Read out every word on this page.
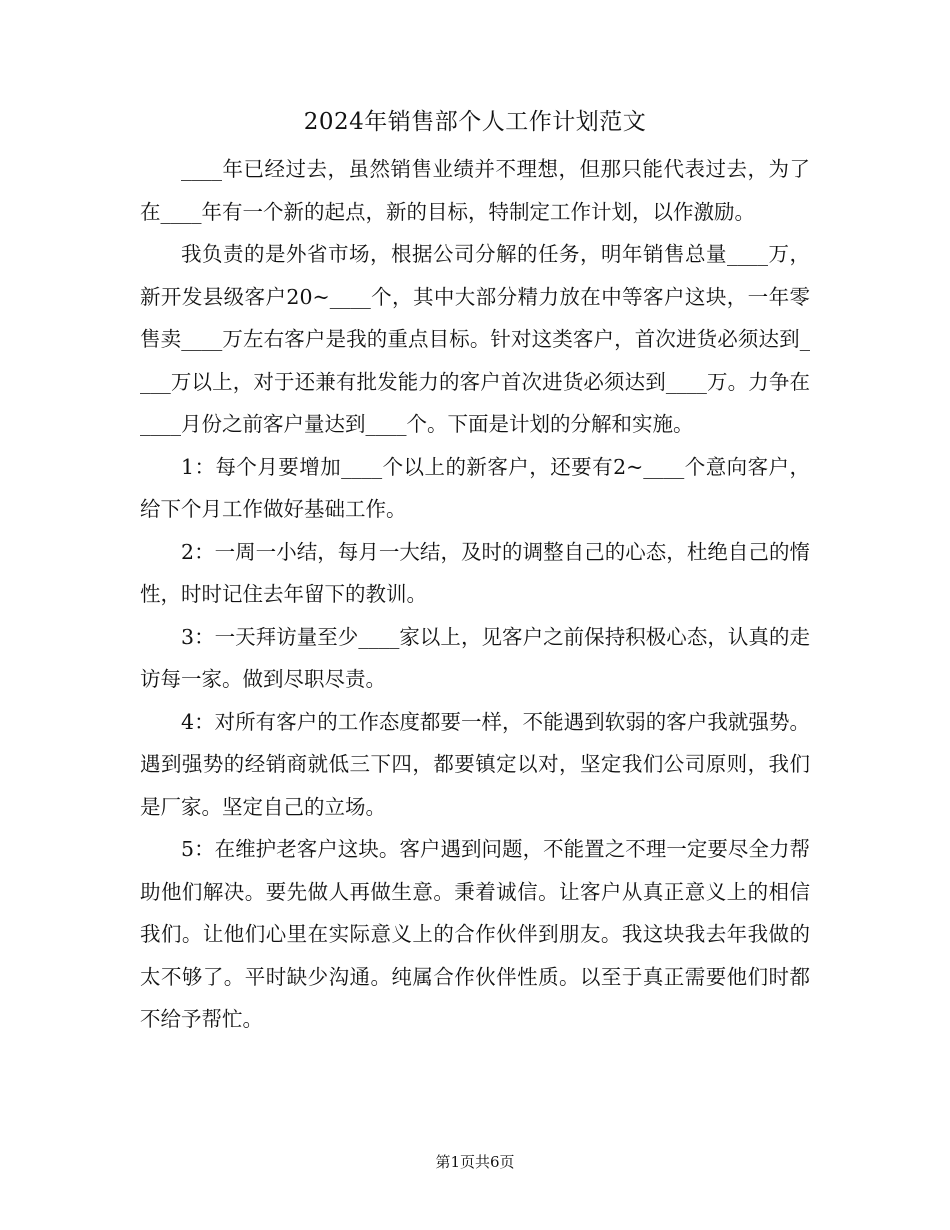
2024年销售部个人工作计划范文

____年已经过去，虽然销售业绩并不理想，但那只能代表过去，为了在____年有一个新的起点，新的目标，特制定工作计划，以作激励。

我负责的是外省市场，根据公司分解的任务，明年销售总量____万，新开发县级客户20~____个，其中大部分精力放在中等客户这块，一年零售卖____万左右客户是我的重点目标。针对这类客户，首次进货必须达到____万以上，对于还兼有批发能力的客户首次进货必须达到____万。力争在____月份之前客户量达到____个。下面是计划的分解和实施。

1：每个月要增加____个以上的新客户，还要有2~____个意向客户，给下个月工作做好基础工作。

2：一周一小结，每月一大结，及时的调整自己的心态，杜绝自己的惰性，时时记住去年留下的教训。

3：一天拜访量至少____家以上，见客户之前保持积极心态，认真的走访每一家。做到尽职尽责。

4：对所有客户的工作态度都要一样，不能遇到软弱的客户我就强势。遇到强势的经销商就低三下四，都要镇定以对，坚定我们公司原则，我们是厂家。坚定自己的立场。

5：在维护老客户这块。客户遇到问题，不能置之不理一定要尽全力帮助他们解决。要先做人再做生意。秉着诚信。让客户从真正意义上的相信我们。让他们心里在实际意义上的合作伙伴到朋友。我这块我去年我做的太不够了。平时缺少沟通。纯属合作伙伴性质。以至于真正需要他们时都不给予帮忙。

第1页共6页
